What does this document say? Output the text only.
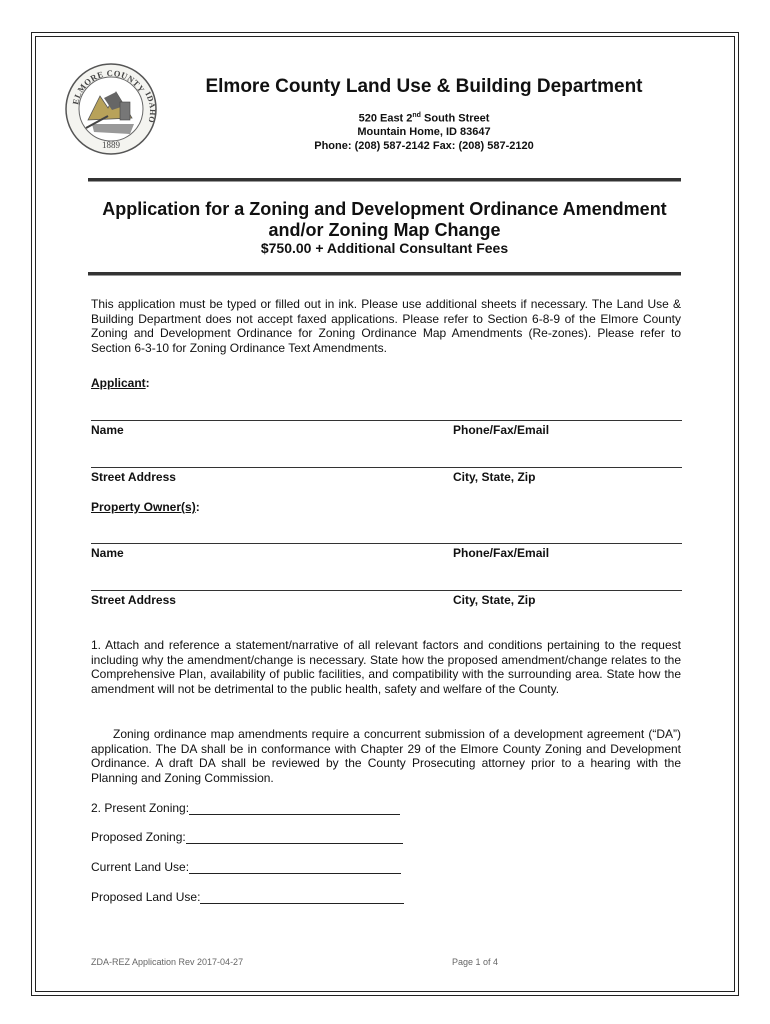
ELMORE COUNTY
IDAHO
1889
Elmore County Land Use & Building Department
520 East 2nd South Street
Mountain Home, ID 83647
Phone: (208) 587-2142 Fax: (208) 587-2120
Application for a Zoning and Development Ordinance Amendment
and/or Zoning Map Change
$750.00 + Additional Consultant Fees
This application must be typed or filled out in ink. Please use additional sheets if necessary. The Land Use & Building Department does not accept faxed applications. Please refer to Section 6-8-9 of the Elmore County Zoning and Development Ordinance for Zoning Ordinance Map Amendments (Re-zones). Please refer to Section 6-3-10 for Zoning Ordinance Text Amendments.
Applicant:
Name	Phone/Fax/Email
Street Address	City, State, Zip
Property Owner(s):
Name	Phone/Fax/Email
Street Address	City, State, Zip
1. Attach and reference a statement/narrative of all relevant factors and conditions pertaining to the request including why the amendment/change is necessary. State how the proposed amendment/change relates to the Comprehensive Plan, availability of public facilities, and compatibility with the surrounding area. State how the amendment will not be detrimental to the public health, safety and welfare of the County.
Zoning ordinance map amendments require a concurrent submission of a development agreement (“DA”) application. The DA shall be in conformance with Chapter 29 of the Elmore County Zoning and Development Ordinance. A draft DA shall be reviewed by the County Prosecuting attorney prior to a hearing with the Planning and Zoning Commission.
2. Present Zoning:
Proposed Zoning:
Current Land Use:
Proposed Land Use:
ZDA-REZ Application Rev 2017-04-27	Page 1 of 4
